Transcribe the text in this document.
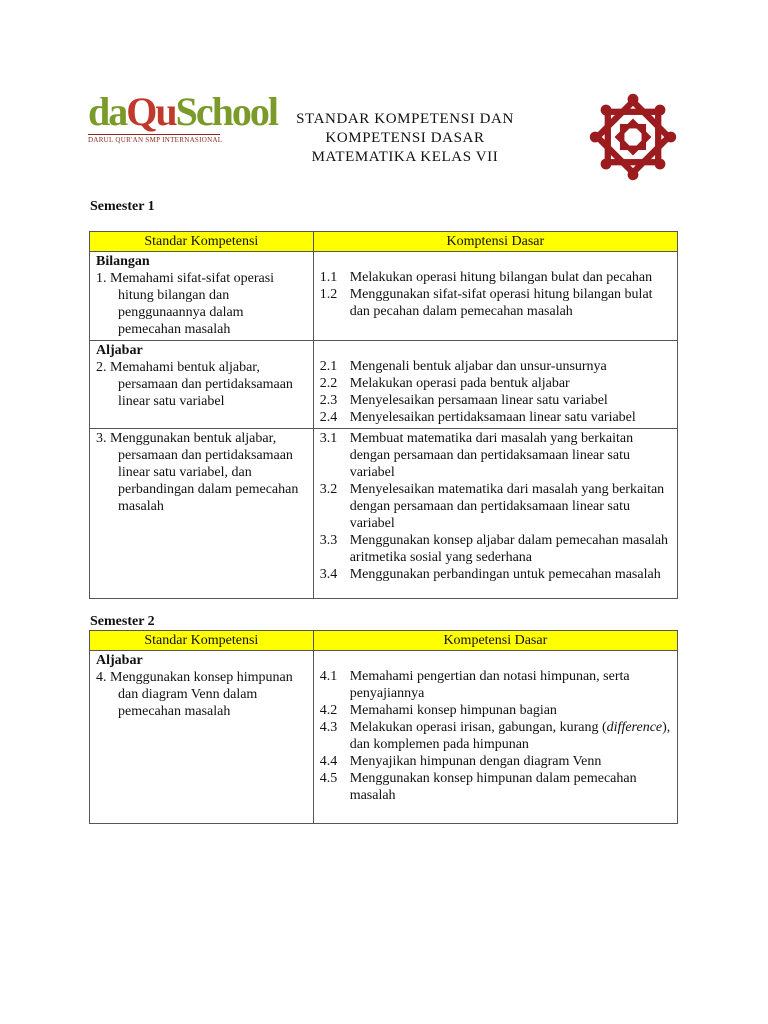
daQuSchool
DARUL QUR'AN SMP INTERNASIONAL
STANDAR KOMPETENSI DAN
KOMPETENSI DASAR
MATEMATIKA KELAS VII
Semester 1
Standar Kompetensi	Komptensi Dasar

Bilangan
1. Memahami sifat-sifat operasi hitung bilangan dan penggunaannya dalam pemecahan masalah	1.1 Melakukan operasi hitung bilangan bulat dan pecahan
1.2 Menggunakan sifat-sifat operasi hitung bilangan bulat dan pecahan dalam pemecahan masalah

Aljabar
2. Memahami bentuk aljabar, persamaan dan pertidaksamaan linear satu variabel	2.1 Mengenali bentuk aljabar dan unsur-unsurnya
2.2 Melakukan operasi pada bentuk aljabar
2.3 Menyelesaikan persamaan linear satu variabel
2.4 Menyelesaikan pertidaksamaan linear satu variabel

3. Menggunakan bentuk aljabar, persamaan dan pertidaksamaan linear satu variabel, dan perbandingan dalam pemecahan masalah	3.1 Membuat matematika dari masalah yang berkaitan dengan persamaan dan pertidaksamaan linear satu variabel
3.2 Menyelesaikan matematika dari masalah yang berkaitan dengan persamaan dan pertidaksamaan linear satu variabel
3.3 Menggunakan konsep aljabar dalam pemecahan masalah aritmetika sosial yang sederhana
3.4 Menggunakan perbandingan untuk pemecahan masalah
Semester 2
Standar Kompetensi	Kompetensi Dasar

Aljabar
4. Menggunakan konsep himpunan dan diagram Venn dalam pemecahan masalah	4.1 Memahami pengertian dan notasi himpunan, serta penyajiannya
4.2 Memahami konsep himpunan bagian
4.3 Melakukan operasi irisan, gabungan, kurang (difference), dan komplemen pada himpunan
4.4 Menyajikan himpunan dengan diagram Venn
4.5 Menggunakan konsep himpunan dalam pemecahan masalah
